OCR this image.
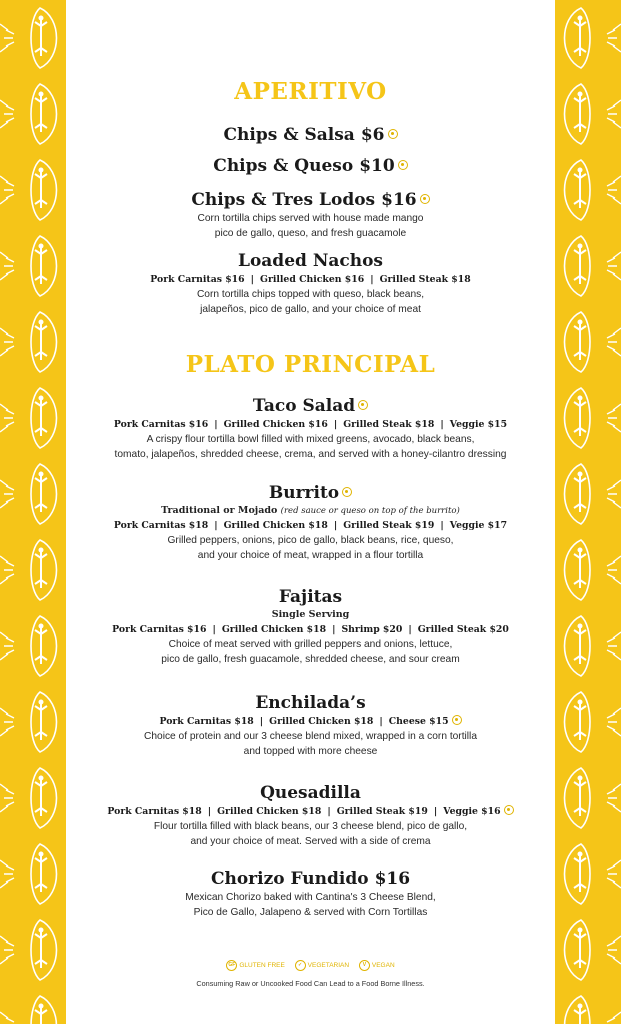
APERITIVO
Chips & Salsa $6
Chips & Queso $10
Chips & Tres Lodos $16
Corn tortilla chips served with house made mango
pico de gallo, queso, and fresh guacamole
Loaded Nachos
Pork Carnitas $16 | Grilled Chicken $16 | Grilled Steak $18
Corn tortilla chips topped with queso, black beans,
jalapeños, pico de gallo, and your choice of meat
PLATO PRINCIPAL
Taco Salad
Pork Carnitas $16 | Grilled Chicken $16 | Grilled Steak $18 | Veggie $15
A crispy flour tortilla bowl filled with mixed greens, avocado, black beans,
tomato, jalapeños, shredded cheese, crema, and served with a honey-cilantro dressing
Burrito
Traditional or Mojado (red sauce or queso on top of the burrito)
Pork Carnitas $18 | Grilled Chicken $18 | Grilled Steak $19 | Veggie $17
Grilled peppers, onions, pico de gallo, black beans, rice, queso,
and your choice of meat, wrapped in a flour tortilla
Fajitas
Single Serving
Pork Carnitas $16 | Grilled Chicken $18 | Shrimp $20 | Grilled Steak $20
Choice of meat served with grilled peppers and onions, lettuce,
pico de gallo, fresh guacamole, shredded cheese, and sour cream
Enchilada’s
Pork Carnitas $18 | Grilled Chicken $18 | Cheese $15
Choice of protein and our 3 cheese blend mixed, wrapped in a corn tortilla
and topped with more cheese
Quesadilla
Pork Carnitas $18 | Grilled Chicken $18 | Grilled Steak $19 | Veggie $16
Flour tortilla filled with black beans, our 3 cheese blend, pico de gallo,
and your choice of meat. Served with a side of crema
Chorizo Fundido $16
Mexican Chorizo baked with Cantina's 3 Cheese Blend,
Pico de Gallo, Jalapeno & served with Corn Tortillas
GF GLUTEN FREE	✓ VEGETARIAN	V VEGAN
Consuming Raw or Uncooked Food Can Lead to a Food Borne Illness.
